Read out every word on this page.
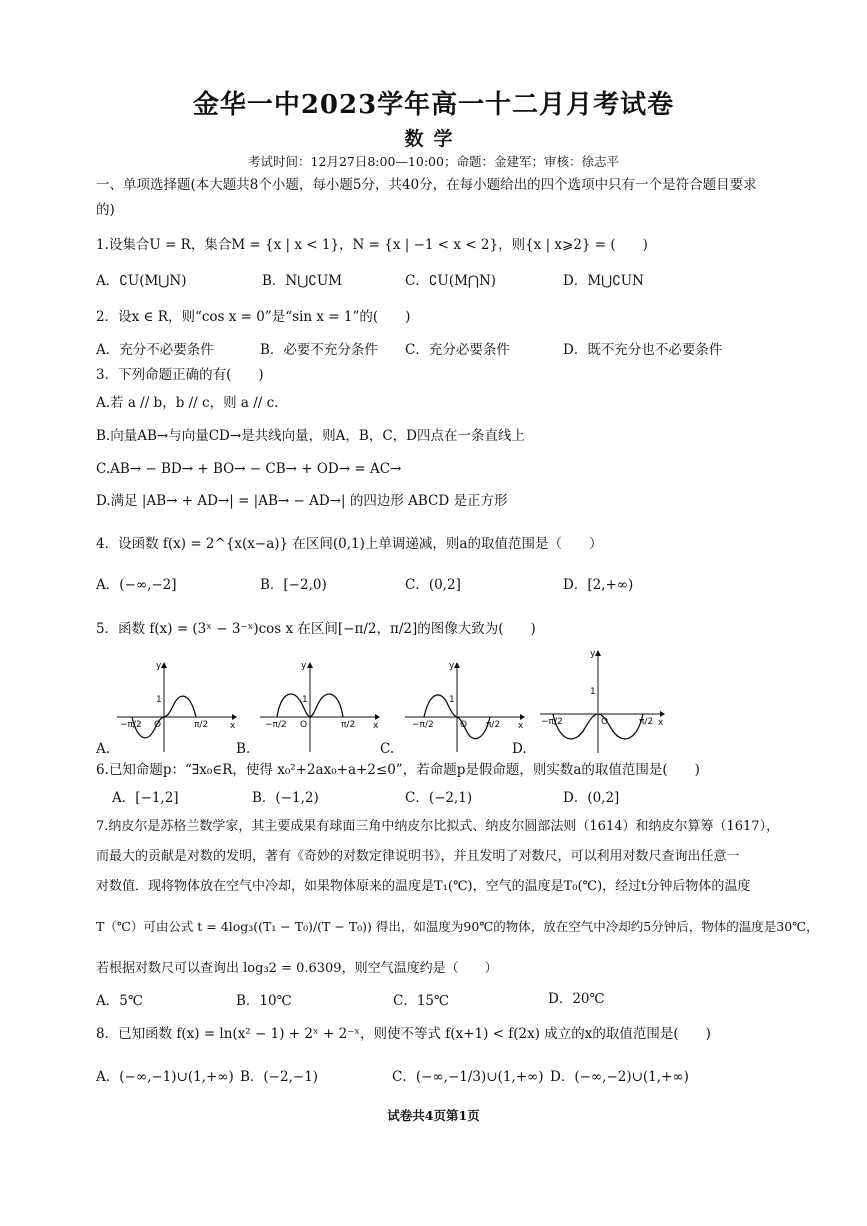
金华一中2023学年高一十二月月考试卷
数学
考试时间：12月27日8:00—10:00；命题：金建军；审核：徐志平
一、单项选择题(本大题共8个小题，每小题5分，共40分，在每小题给出的四个选项中只有一个是符合题目要求
的)
1.设集合U = R，集合M = {x | x < 1}，N = {x | −1 < x < 2}，则{x | x⩾2} = (　　)
A．∁U(M⋃N)	B．N⋃∁UM	C．∁U(M⋂N)	D．M⋃∁UN
2．设x ∈ R，则“cos x = 0”是“sin x = 1”的(　　)
A．充分不必要条件	B．必要不充分条件 C．充分必要条件	D．既不充分也不必要条件
3．下列命题正确的有(　　)
A.若 a // b，b // c，则 a // c.
B.向量AB→与向量CD→是共线向量，则A，B，C，D四点在一条直线上
C.AB→ − BD→ + BO→ − CB→ + OD→ = AC→
D.满足 |AB→ + AD→| = |AB→ − AD→| 的四边形 ABCD 是正方形
4．设函数 f(x) = 2^{x(x−a)} 在区间(0,1)上单调递减，则a的取值范围是（　　）
A．(−∞,−2]	B．[−2,0)	C．(0,2]	D．[2,+∞)
5．函数 f(x) = (3ˣ − 3⁻ˣ)cos x 在区间[−π/2，π/2]的图像大致为(　　)
A.	B.	C.	D.
y
x
1
O
−π/2	π/2
y
x
1
O
−π/2	π/2
y
x
1
O
−π/2	π/2
y
x
1
O
−π/2	π/2
6.已知命题p：“∃x₀∈R，使得 x₀²+2ax₀+a+2≤0”，若命题p是假命题，则实数a的取值范围是(　　)
A．[−1,2]	B．(−1,2)	C．(−2,1)	D．(0,2]
7.纳皮尔是苏格兰数学家，其主要成果有球面三角中纳皮尔比拟式、纳皮尔圆部法则（1614）和纳皮尔算筹（1617），
而最大的贡献是对数的发明，著有《奇妙的对数定律说明书》，并且发明了对数尺，可以利用对数尺查询出任意一
对数值．现将物体放在空气中冷却，如果物体原来的温度是T₁(℃)，空气的温度是T₀(℃)，经过t分钟后物体的温度
T（℃）可由公式 t = 4log₃((T₁ − T₀)/(T − T₀)) 得出，如温度为90℃的物体，放在空气中冷却约5分钟后，物体的温度是30℃，
若根据对数尺可以查询出 log₃2 = 0.6309，则空气温度约是（　　）
A．5℃	B．10℃	C．15℃	D．20℃
8．已知函数 f(x) = ln(x² − 1) + 2ˣ + 2⁻ˣ，则使不等式 f(x+1) < f(2x) 成立的x的取值范围是(　　)
A．(−∞,−1)∪(1,+∞) B．(−2,−1)	C．(−∞,−1/3)∪(1,+∞) D．(−∞,−2)∪(1,+∞)
试卷共4页第1页
